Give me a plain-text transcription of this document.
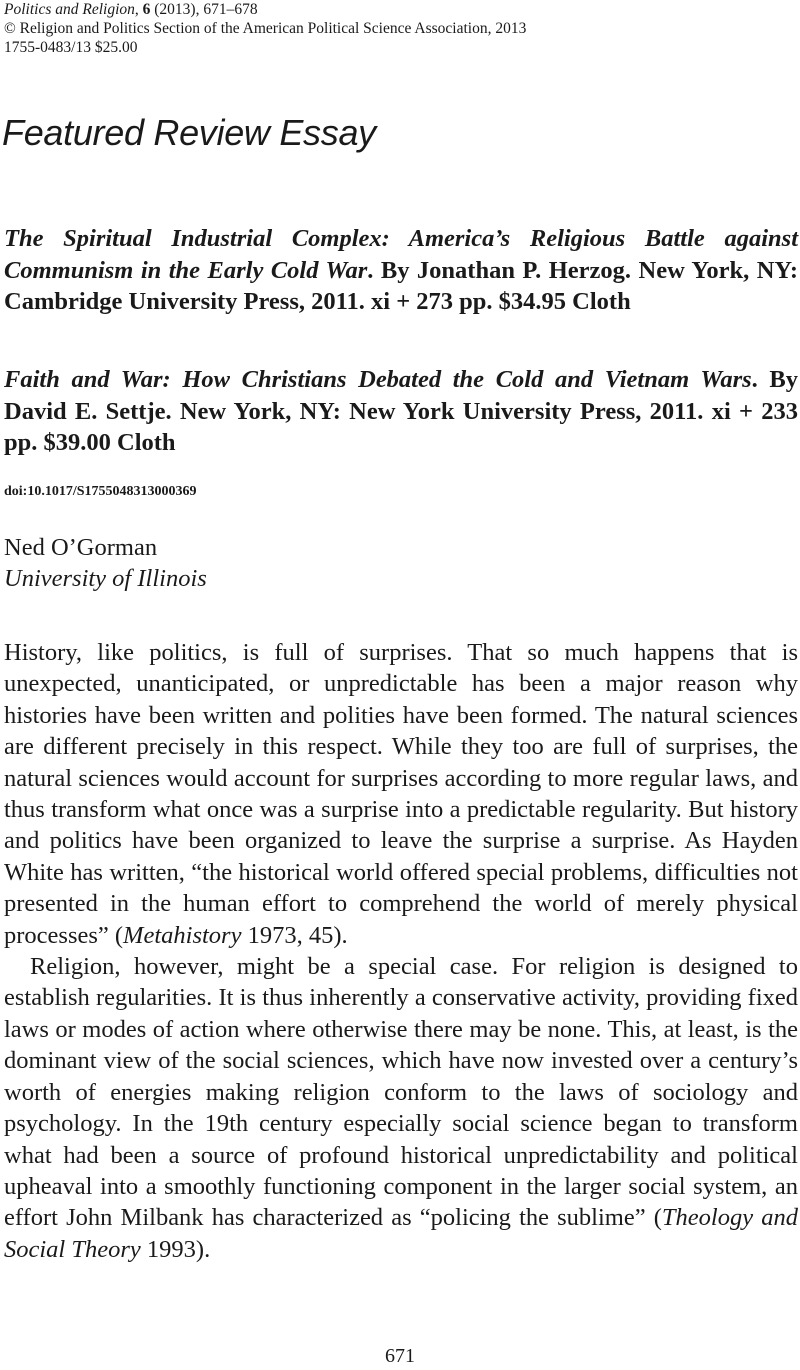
Politics and Religion, 6 (2013), 671–678
© Religion and Politics Section of the American Political Science Association, 2013
1755-0483/13 $25.00
Featured Review Essay
The Spiritual Industrial Complex: America’s Religious Battle against Communism in the Early Cold War. By Jonathan P. Herzog. New York, NY: Cambridge University Press, 2011. xi + 273 pp. $34.95 Cloth
Faith and War: How Christians Debated the Cold and Vietnam Wars. By David E. Settje. New York, NY: New York University Press, 2011. xi + 233 pp. $39.00 Cloth
doi:10.1017/S1755048313000369
Ned O’Gorman
University of Illinois

History, like politics, is full of surprises. That so much happens that is unexpected, unanticipated, or unpredictable has been a major reason why histories have been written and polities have been formed. The natural sciences are different precisely in this respect. While they too are full of surprises, the natural sciences would account for surprises according to more regular laws, and thus transform what once was a surprise into a predictable regularity. But history and politics have been organized to leave the surprise a surprise. As Hayden White has written, “the historical world offered special problems, difficulties not presented in the human effort to comprehend the world of merely physical processes” (Metahistory 1973, 45).

Religion, however, might be a special case. For religion is designed to establish regularities. It is thus inherently a conservative activity, providing fixed laws or modes of action where otherwise there may be none. This, at least, is the dominant view of the social sciences, which have now invested over a century’s worth of energies making religion conform to the laws of sociology and psychology. In the 19th century especially social science began to transform what had been a source of profound historical unpredictability and political upheaval into a smoothly functioning component in the larger social system, an effort John Milbank has characterized as “policing the sublime” (Theology and Social Theory 1993).

671
